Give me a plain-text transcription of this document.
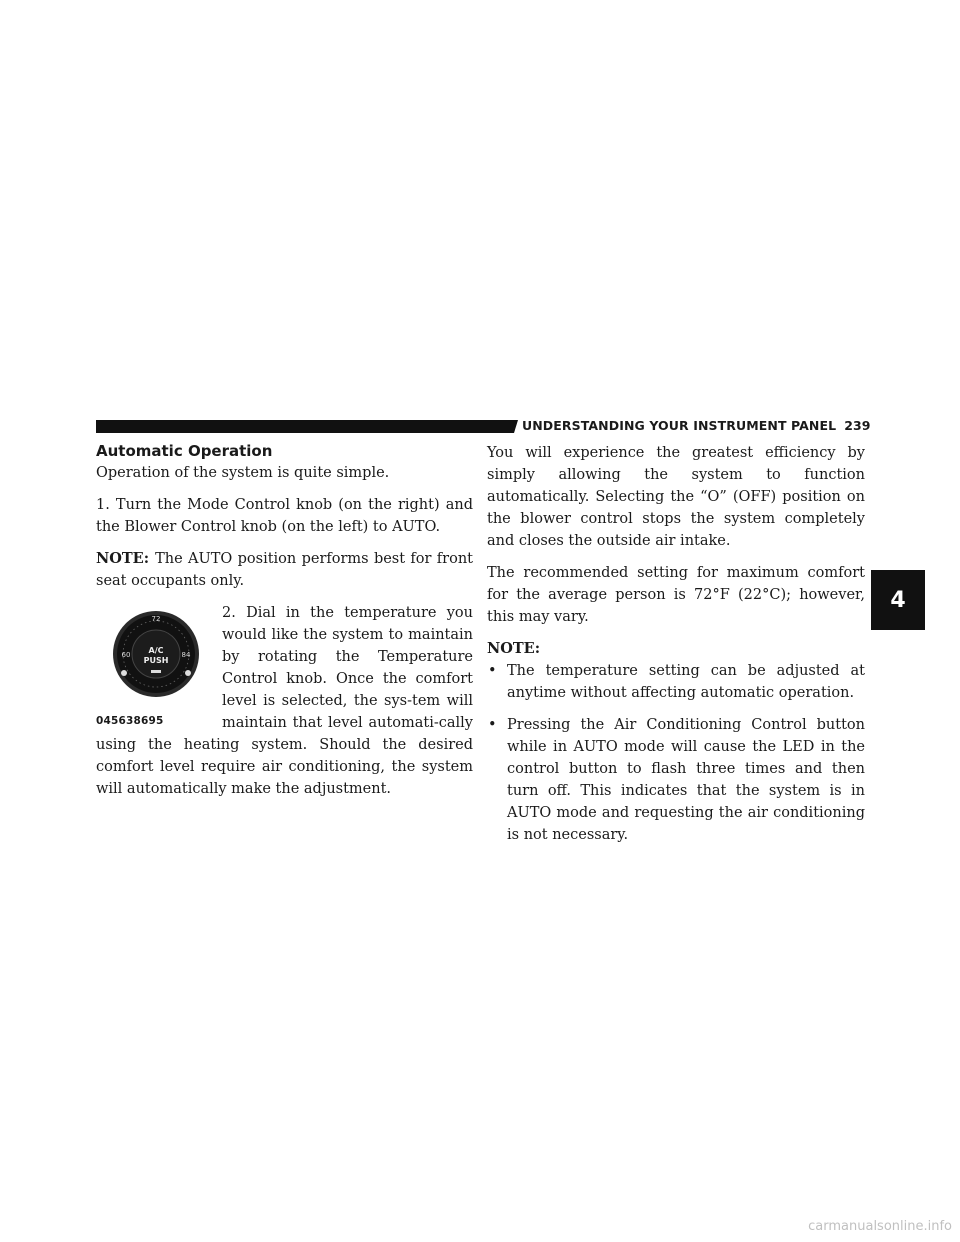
UNDERSTANDING YOUR INSTRUMENT PANEL 239
Automatic Operation

Operation of the system is quite simple.

1. Turn the Mode Control knob (on the right) and the Blower Control knob (on the left) to AUTO.

NOTE: The AUTO position performs best for front seat occupants only.

72
60	84
A/C
PUSH
045638695
2. Dial in the temperature you would like the system to maintain by rotating the Temperature Control knob. Once the comfort level is selected, the sys-tem will maintain that level automati-cally using the heating system. Should the desired comfort level require air conditioning, the system will automatically make the adjustment.

You will experience the greatest efficiency by simply allowing the system to function automatically. Selecting the “O” (OFF) position on the blower control stops the system completely and closes the outside air intake.

The recommended setting for maximum comfort for the average person is 72°F (22°C); however, this may vary.

NOTE:
• The temperature setting can be adjusted at anytime without affecting automatic operation.
• Pressing the Air Conditioning Control button while in AUTO mode will cause the LED in the control button to flash three times and then turn off. This indicates that the system is in AUTO mode and requesting the air conditioning is not necessary.
4
carmanualsonline.info
